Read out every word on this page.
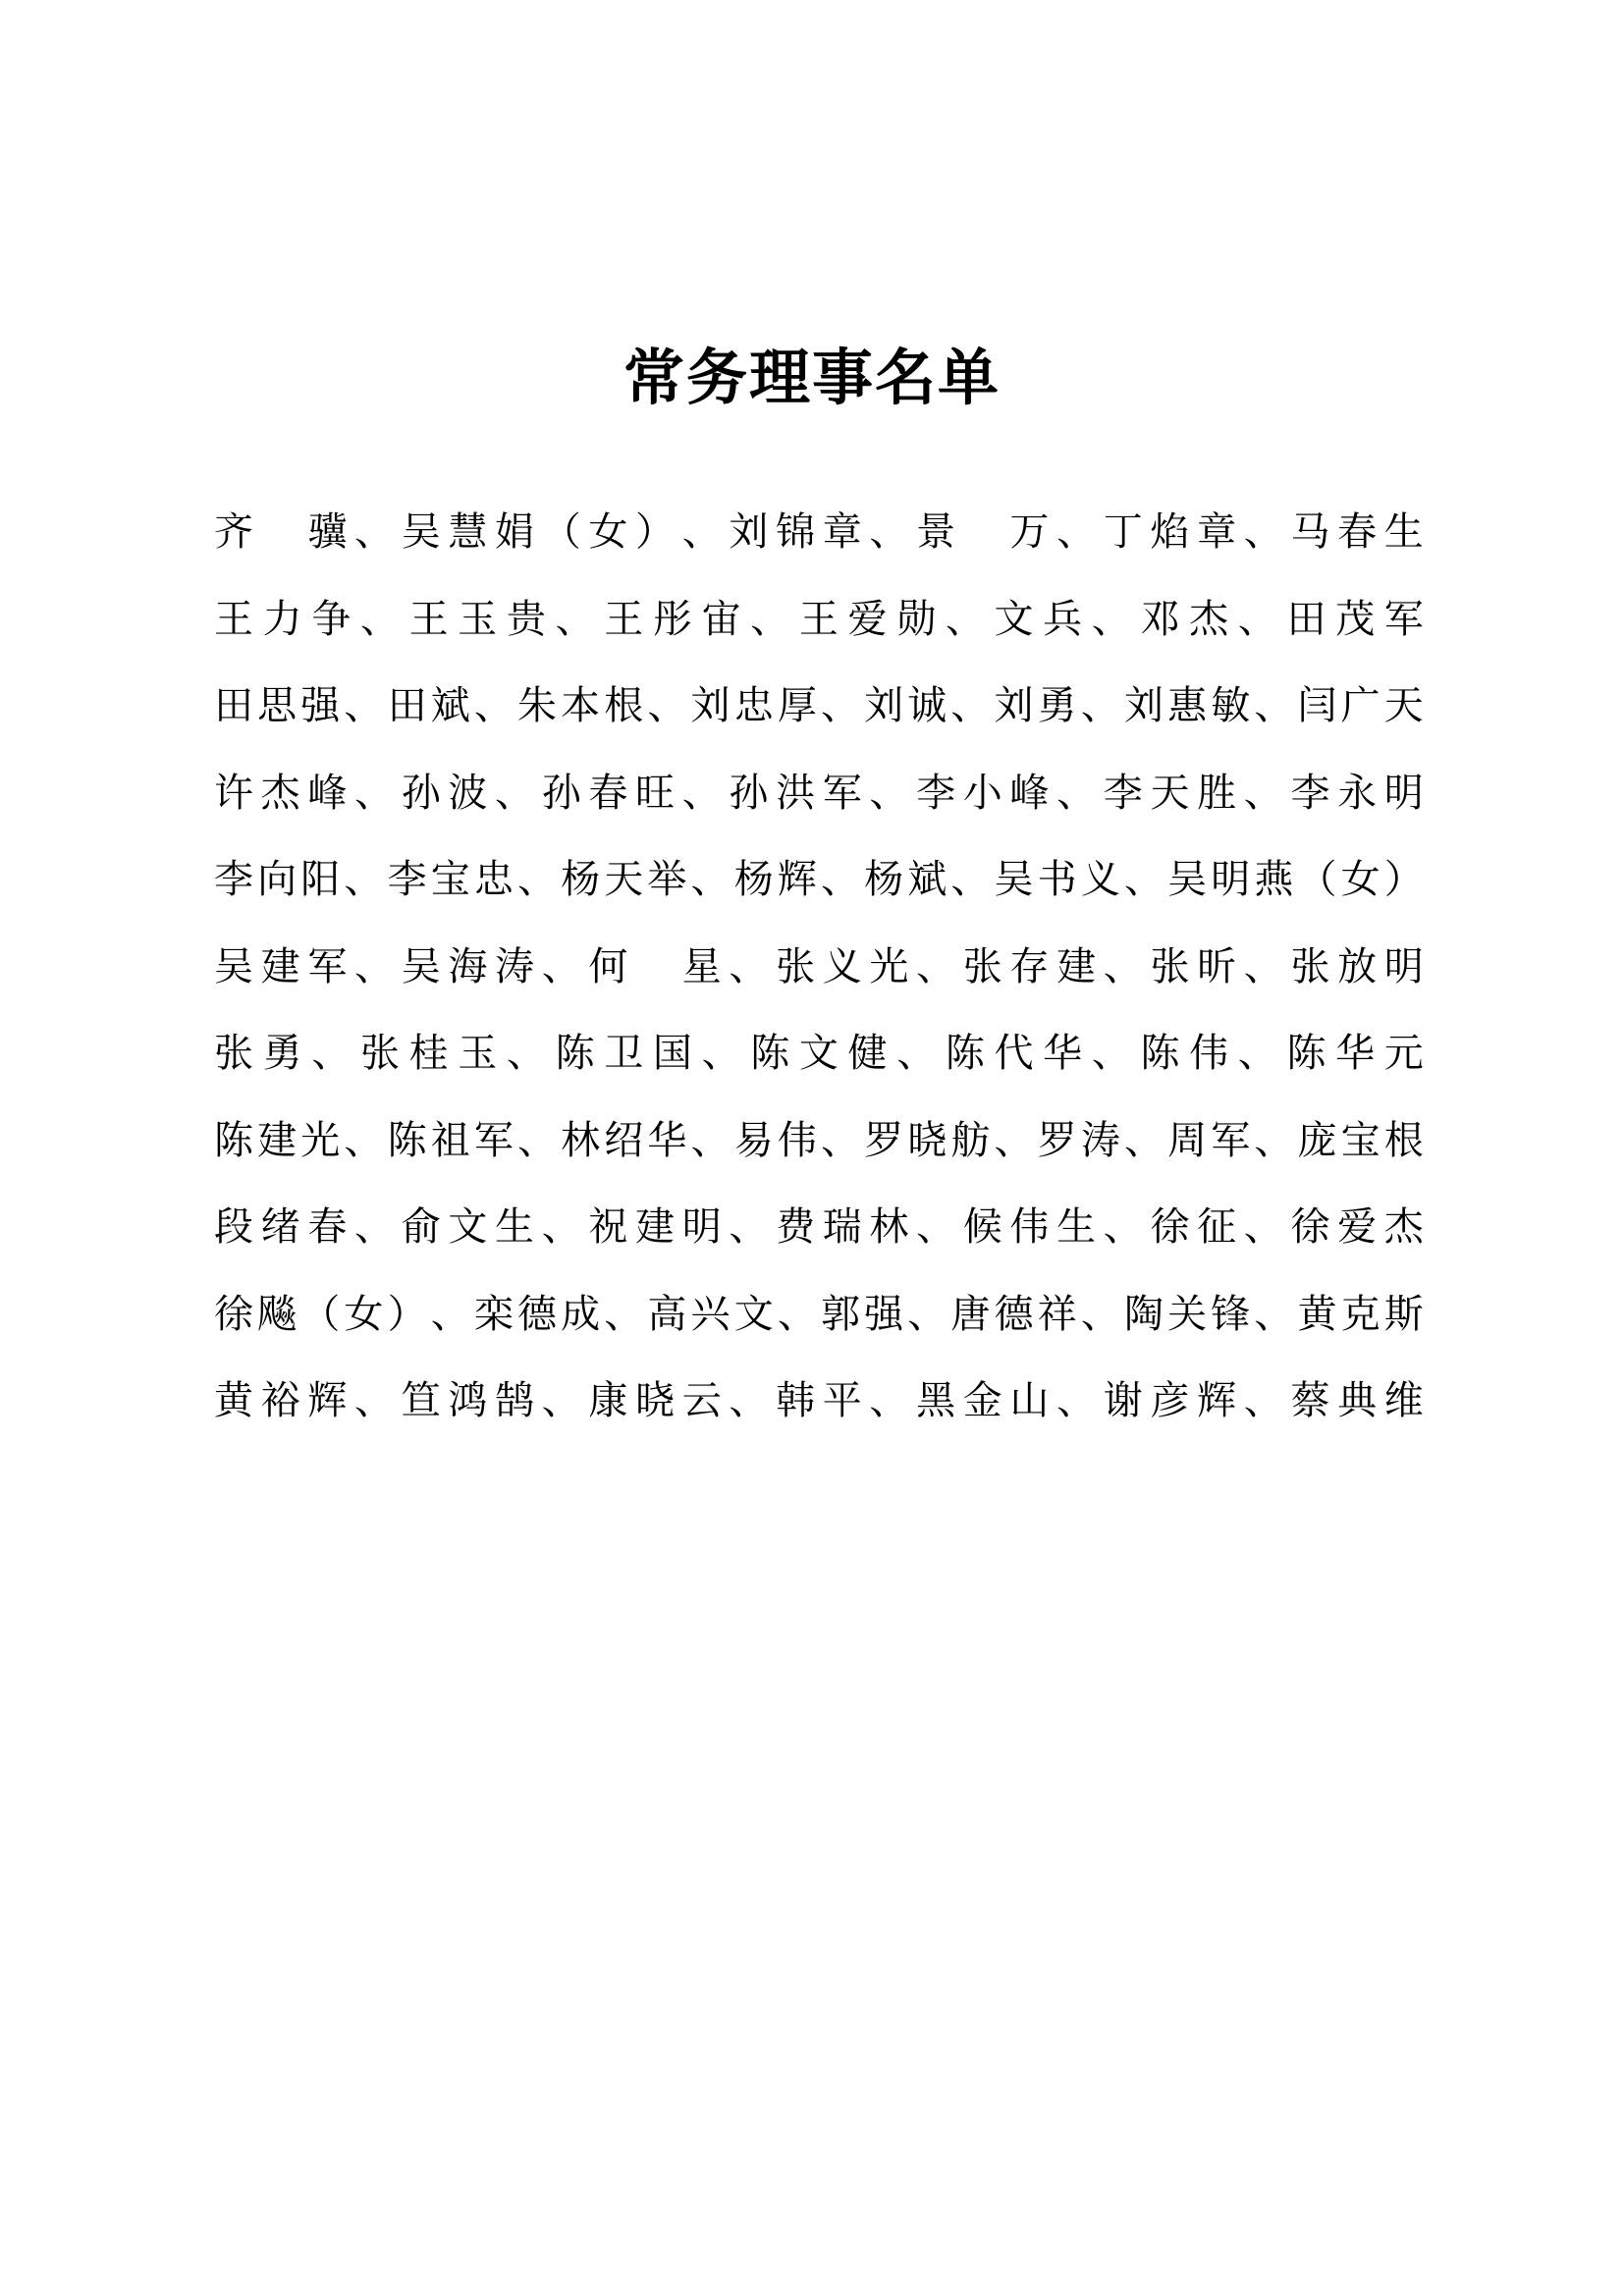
常务理事名单
齐
　 骥 、 吴 慧 娟 （ 女 ） 、 刘 锦 章 、 景
　 万 、 丁 焰 章 、 马 春 生
王 力 争 、 王 玉 贵 、 王 彤 宙 、 王 爱 勋 、 文 兵 、 邓 杰 、 田 茂 军
田 思 强 、 田 斌 、 朱 本 根 、 刘 忠 厚 、 刘 诚 、 刘 勇 、 刘 惠 敏 、 闫 广 天
许 杰 峰 、 孙 波 、 孙 春 旺 、 孙 洪 军 、 李 小 峰 、 李 天 胜 、 李 永 明
李 向 阳 、 李 宝 忠 、 杨 天 举 、 杨 辉 、 杨 斌 、 吴 书 义 、 吴 明 燕 （ 女 ）
吴 建 军 、 吴 海 涛 、 何
　 星 、 张 义 光 、 张 存 建 、 张 昕 、 张 放 明
张 勇 、 张 桂 玉 、 陈 卫 国 、 陈 文 健 、 陈 代 华 、 陈 伟 、 陈 华 元
陈 建 光 、 陈 祖 军 、 林 绍 华 、 易 伟 、 罗 晓 舫 、 罗 涛 、 周 军 、 庞 宝 根
段 绪 春 、 俞 文 生 、 祝 建 明 、 费 瑞 林 、 候 伟 生 、 徐 征 、 徐 爱 杰
徐 飚 （ 女 ） 、 栾 德 成 、 高 兴 文 、 郭 强 、 唐 德 祥 、 陶 关 锋 、 黄 克 斯
黄 裕 辉 、 笪 鸿 鹄 、 康 晓 云 、 韩 平 、 黑 金 山 、 谢 彦 辉 、 蔡 典 维
